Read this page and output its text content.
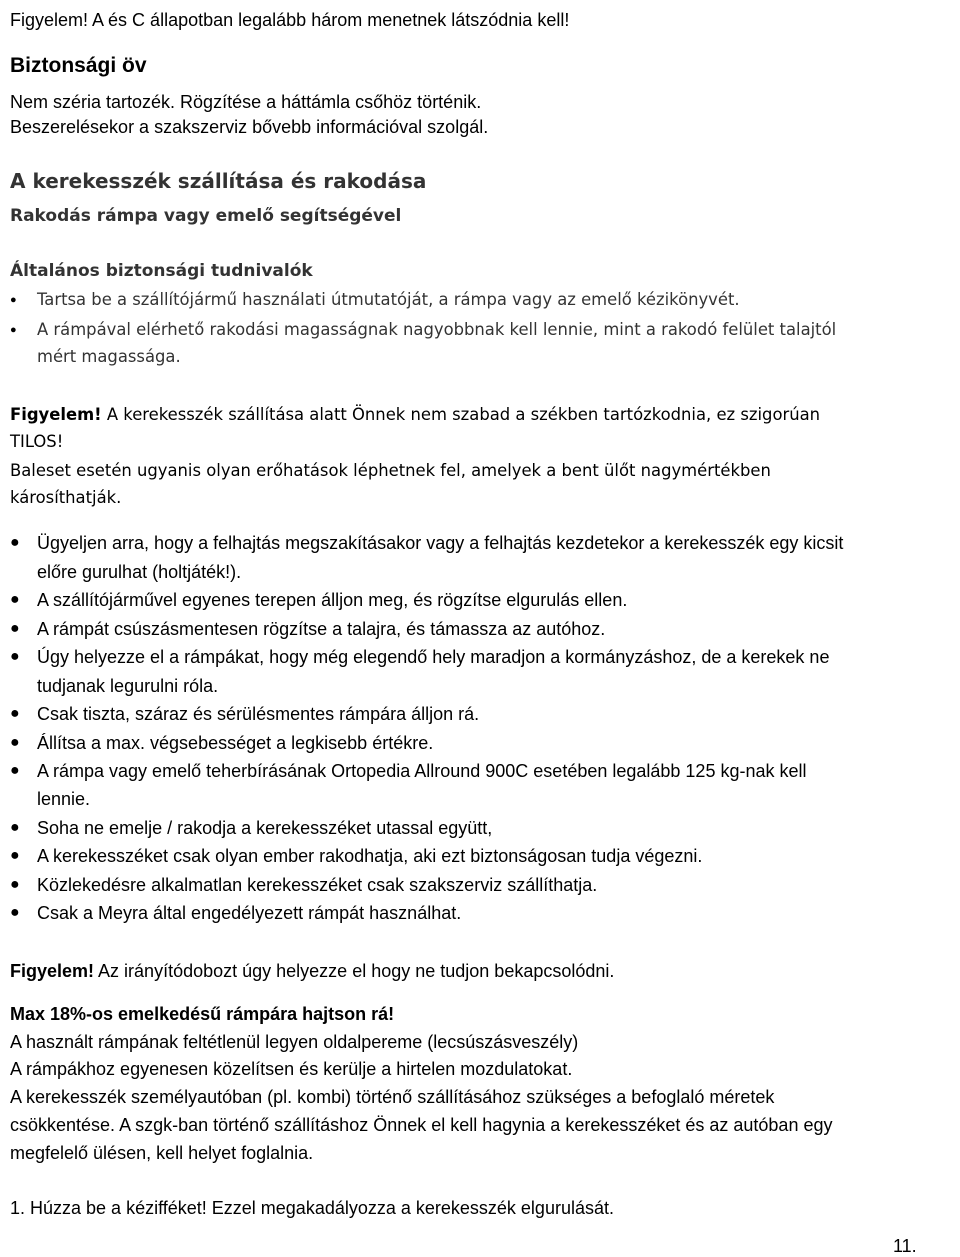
Figyelem! A és C állapotban legalább három menetnek látszódnia kell!
Biztonsági öv
Nem széria tartozék. Rögzítése a háttámla csőhöz történik.
Beszerelésekor a szakszerviz bővebb információval szolgál.
A kerekesszék szállítása és rakodása
Rakodás rámpa vagy emelő segítségével
Általános biztonsági tudnivalók
●	Tartsa be a szállítójármű használati útmutatóját, a rámpa vagy az emelő kézikönyvét.
●	A rámpával elérhető rakodási magasságnak nagyobbnak kell lennie, mint a rakodó felület talajtól
mért magassága.
Figyelem! A kerekesszék szállítása alatt Önnek nem szabad a székben tartózkodnia, ez szigorúan
TILOS!
Baleset esetén ugyanis olyan erőhatások léphetnek fel, amelyek a bent ülőt nagymértékben
károsíthatják.
● Ügyeljen arra, hogy a felhajtás megszakításakor vagy a felhajtás kezdetekor a kerekesszék egy kicsit
előre gurulhat (holtjáték!).
● A szállítójárművel egyenes terepen álljon meg, és rögzítse elgurulás ellen.
● A rámpát csúszásmentesen rögzítse a talajra, és támassza az autóhoz.
● Úgy helyezze el a rámpákat, hogy még elegendő hely maradjon a kormányzáshoz, de a kerekek ne
tudjanak legurulni róla.
● Csak tiszta, száraz és sérülésmentes rámpára álljon rá.
● Állítsa a max. végsebességet a legkisebb értékre.
● A rámpa vagy emelő teherbírásának Ortopedia Allround 900C esetében legalább 125 kg-nak kell
lennie.
● Soha ne emelje / rakodja a kerekesszéket utassal együtt,
● A kerekesszéket csak olyan ember rakodhatja, aki ezt biztonságosan tudja végezni.
● Közlekedésre alkalmatlan kerekesszéket csak szakszerviz szállíthatja.
● Csak a Meyra által engedélyezett rámpát használhat.
Figyelem! Az irányítódobozt úgy helyezze el hogy ne tudjon bekapcsolódni.
Max 18%-os emelkedésű rámpára hajtson rá!
A használt rámpának feltétlenül legyen oldalpereme (lecsúszásveszély)
A rámpákhoz egyenesen közelítsen és kerülje a hirtelen mozdulatokat.
A kerekesszék személyautóban (pl. kombi) történő szállításához szükséges a befoglaló méretek
csökkentése. A szgk-ban történő szállításhoz Önnek el kell hagynia a kerekesszéket és az autóban egy
megfelelő ülésen, kell helyet foglalnia.
1. Húzza be a kézifféket! Ezzel megakadályozza a kerekesszék elgurulását.
11.
